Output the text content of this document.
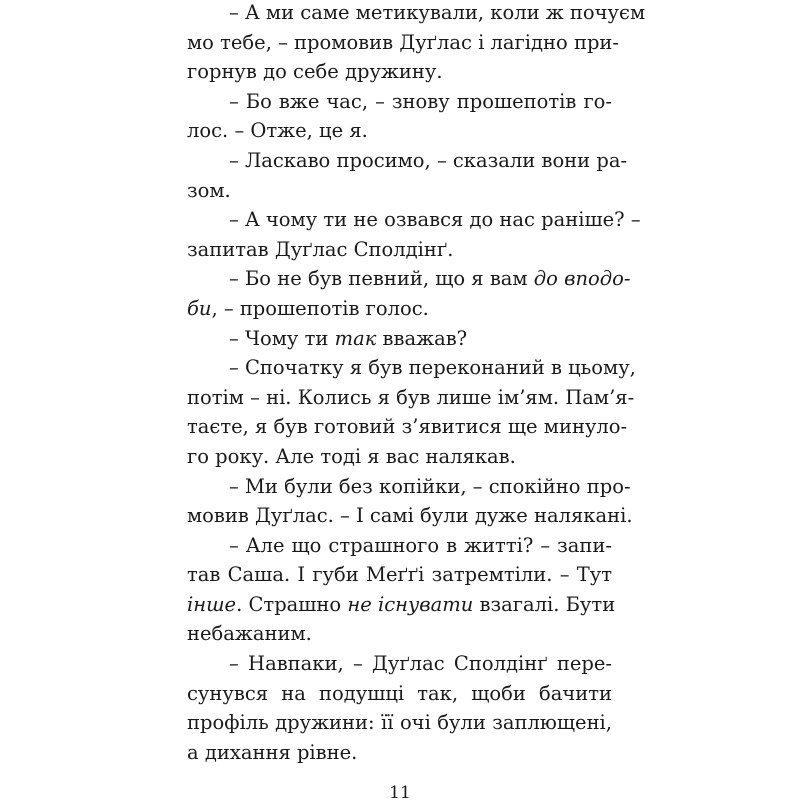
– А ми саме метикували, коли ж почуєм
мо тебе, – промовив Дуґлас і лагідно при-
горнув до себе дружину.
– Бо вже час, – знову прошепотів го-
лос. – Отже, це я.
– Ласкаво просимо, – сказали вони ра-
зом.
– А чому ти не озвався до нас раніше? –
запитав Дуґлас Сполдінґ.
– Бо не був певний, що я вам до вподо-
би, – прошепотів голос.
– Чому ти так вважав?
– Спочатку я був переконаний в цьому,
потім – ні. Колись я був лише ім’ям. Пам’я-
таєте, я був готовий з’явитися ще минуло-
го року. Але тоді я вас налякав.
– Ми були без копійки, – спокійно про-
мовив Дуґлас. – І самі були дуже налякані.
– Але що страшного в житті? – запи-
тав Саша. І губи Меґґі затремтіли. – Тут
інше. Страшно не існувати взагалі. Бути
небажаним.
– Навпаки, – Дуґлас Сполдінґ пере-
сунувся на подушці так, щоби бачити
профіль дружини: її очі були заплющені,
а дихання рівне.
11
